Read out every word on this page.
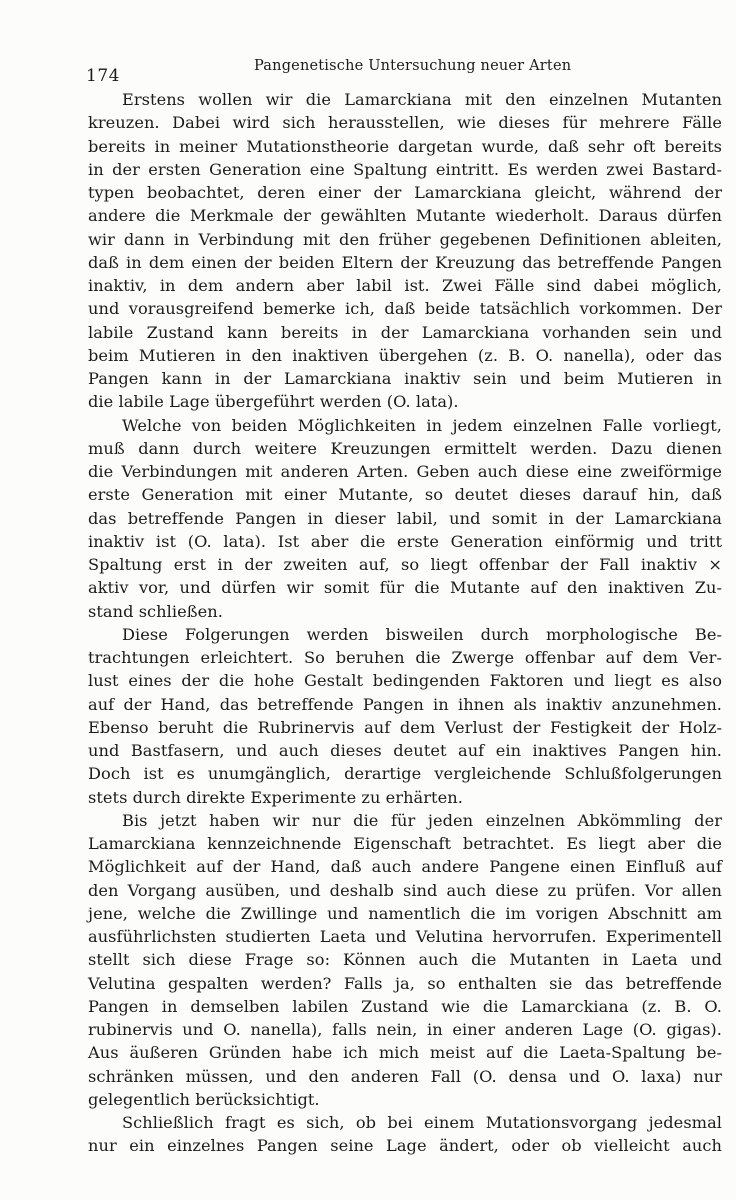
174	Pangenetische Untersuchung neuer Arten

Erstens wollen wir die Lamarckiana mit den einzelnen Mutanten
kreuzen. Dabei wird sich herausstellen, wie dieses für mehrere Fälle
bereits in meiner Mutationstheorie dargetan wurde, daß sehr oft bereits
in der ersten Generation eine Spaltung eintritt. Es werden zwei Bastard-
typen beobachtet, deren einer der Lamarckiana gleicht, während der
andere die Merkmale der gewählten Mutante wiederholt. Daraus dürfen
wir dann in Verbindung mit den früher gegebenen Definitionen ableiten,
daß in dem einen der beiden Eltern der Kreuzung das betreffende Pangen
inaktiv, in dem andern aber labil ist. Zwei Fälle sind dabei möglich,
und vorausgreifend bemerke ich, daß beide tatsächlich vorkommen. Der
labile Zustand kann bereits in der Lamarckiana vorhanden sein und
beim Mutieren in den inaktiven übergehen (z. B. O. nanella), oder das
Pangen kann in der Lamarckiana inaktiv sein und beim Mutieren in
die labile Lage übergeführt werden (O. lata).

Welche von beiden Möglichkeiten in jedem einzelnen Falle vorliegt,
muß dann durch weitere Kreuzungen ermittelt werden. Dazu dienen
die Verbindungen mit anderen Arten. Geben auch diese eine zweiförmige
erste Generation mit einer Mutante, so deutet dieses darauf hin, daß
das betreffende Pangen in dieser labil, und somit in der Lamarckiana
inaktiv ist (O. lata). Ist aber die erste Generation einförmig und tritt
Spaltung erst in der zweiten auf, so liegt offenbar der Fall inaktiv ×
aktiv vor, und dürfen wir somit für die Mutante auf den inaktiven Zu-
stand schließen.

Diese Folgerungen werden bisweilen durch morphologische Be-
trachtungen erleichtert. So beruhen die Zwerge offenbar auf dem Ver-
lust eines der die hohe Gestalt bedingenden Faktoren und liegt es also
auf der Hand, das betreffende Pangen in ihnen als inaktiv anzunehmen.
Ebenso beruht die Rubrinervis auf dem Verlust der Festigkeit der Holz-
und Bastfasern, und auch dieses deutet auf ein inaktives Pangen hin.
Doch ist es unumgänglich, derartige vergleichende Schlußfolgerungen
stets durch direkte Experimente zu erhärten.

Bis jetzt haben wir nur die für jeden einzelnen Abkömmling der
Lamarckiana kennzeichnende Eigenschaft betrachtet. Es liegt aber die
Möglichkeit auf der Hand, daß auch andere Pangene einen Einfluß auf
den Vorgang ausüben, und deshalb sind auch diese zu prüfen. Vor allen
jene, welche die Zwillinge und namentlich die im vorigen Abschnitt am
ausführlichsten studierten Laeta und Velutina hervorrufen. Experimentell
stellt sich diese Frage so: Können auch die Mutanten in Laeta und
Velutina gespalten werden? Falls ja, so enthalten sie das betreffende
Pangen in demselben labilen Zustand wie die Lamarckiana (z. B. O.
rubinervis und O. nanella), falls nein, in einer anderen Lage (O. gigas).
Aus äußeren Gründen habe ich mich meist auf die Laeta-Spaltung be-
schränken müssen, und den anderen Fall (O. densa und O. laxa) nur
gelegentlich berücksichtigt.

Schließlich fragt es sich, ob bei einem Mutationsvorgang jedesmal
nur ein einzelnes Pangen seine Lage ändert, oder ob vielleicht auch
